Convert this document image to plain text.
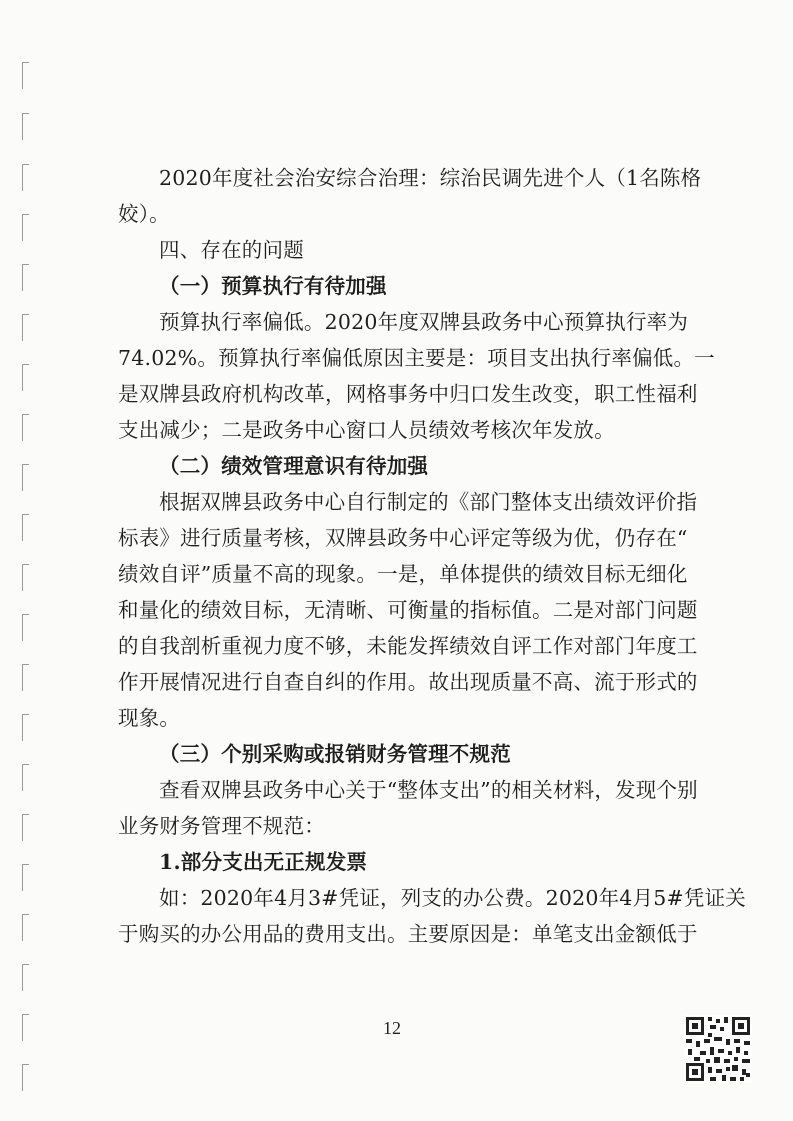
2020年度社会治安综合治理：综治民调先进个人（1名陈格
姣）。
四、存在的问题
（一）预算执行有待加强
预算执行率偏低。2020年度双牌县政务中心预算执行率为
74.02%。预算执行率偏低原因主要是：项目支出执行率偏低。一
是双牌县政府机构改革，网格事务中归口发生改变，职工性福利
支出减少；二是政务中心窗口人员绩效考核次年发放。
（二）绩效管理意识有待加强
根据双牌县政务中心自行制定的《部门整体支出绩效评价指
标表》进行质量考核，双牌县政务中心评定等级为优，仍存在“
绩效自评”质量不高的现象。一是，单体提供的绩效目标无细化
和量化的绩效目标，无清晰、可衡量的指标值。二是对部门问题
的自我剖析重视力度不够，未能发挥绩效自评工作对部门年度工
作开展情况进行自查自纠的作用。故出现质量不高、流于形式的
现象。
（三）个别采购或报销财务管理不规范
查看双牌县政务中心关于“整体支出”的相关材料，发现个别
业务财务管理不规范：
1.部分支出无正规发票
如：2020年4月3#凭证，列支的办公费。2020年4月5#凭证关
于购买的办公用品的费用支出。主要原因是：单笔支出金额低于
12
